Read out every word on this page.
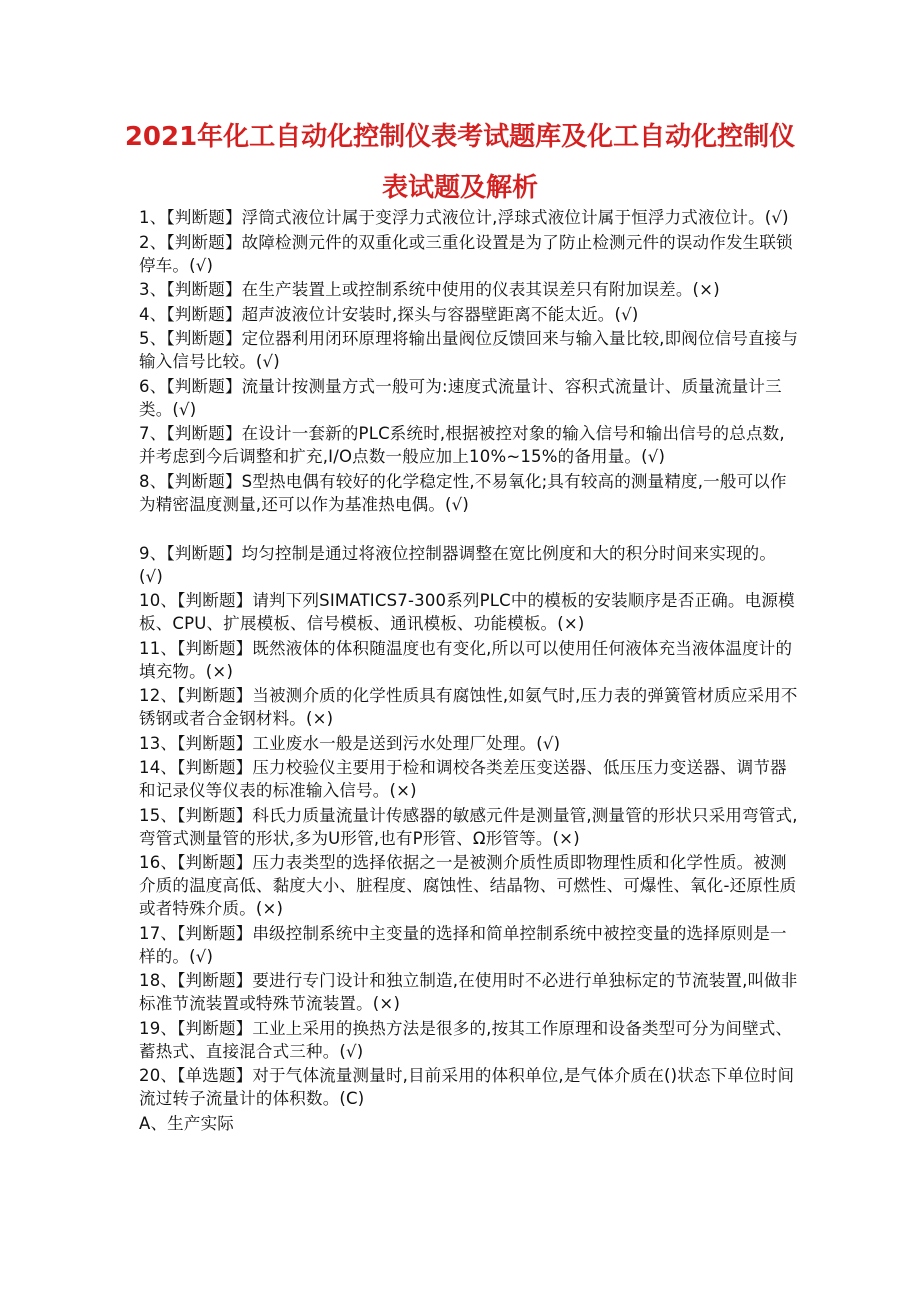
2021年化工自动化控制仪表考试题库及化工自动化控制仪
表试题及解析
1、【判断题】浮筒式液位计属于变浮力式液位计,浮球式液位计属于恒浮力式液位计。(√)
2、【判断题】故障检测元件的双重化或三重化设置是为了防止检测元件的误动作发生联锁停车。(√)
3、【判断题】在生产装置上或控制系统中使用的仪表其误差只有附加误差。(×)
4、【判断题】超声波液位计安装时,探头与容器壁距离不能太近。(√)
5、【判断题】定位器利用闭环原理将输出量阀位反馈回来与输入量比较,即阀位信号直接与输入信号比较。(√)
6、【判断题】流量计按测量方式一般可为:速度式流量计、容积式流量计、质量流量计三类。(√)
7、【判断题】在设计一套新的PLC系统时,根据被控对象的输入信号和输出信号的总点数,并考虑到今后调整和扩充,I/O点数一般应加上10%~15%的备用量。(√)
8、【判断题】S型热电偶有较好的化学稳定性,不易氧化;具有较高的测量精度,一般可以作为精密温度测量,还可以作为基准热电偶。(√)
9、【判断题】均匀控制是通过将液位控制器调整在宽比例度和大的积分时间来实现的。(√)
10、【判断题】请判下列SIMATICS7-300系列PLC中的模板的安装顺序是否正确。电源模板、CPU、扩展模板、信号模板、通讯模板、功能模板。(×)
11、【判断题】既然液体的体积随温度也有变化,所以可以使用任何液体充当液体温度计的填充物。(×)
12、【判断题】当被测介质的化学性质具有腐蚀性,如氨气时,压力表的弹簧管材质应采用不锈钢或者合金钢材料。(×)
13、【判断题】工业废水一般是送到污水处理厂处理。(√)
14、【判断题】压力校验仪主要用于检和调校各类差压变送器、低压压力变送器、调节器和记录仪等仪表的标准输入信号。(×)
15、【判断题】科氏力质量流量计传感器的敏感元件是测量管,测量管的形状只采用弯管式,弯管式测量管的形状,多为U形管,也有P形管、Ω形管等。(×)
16、【判断题】压力表类型的选择依据之一是被测介质性质即物理性质和化学性质。被测介质的温度高低、黏度大小、脏程度、腐蚀性、结晶物、可燃性、可爆性、氧化-还原性质或者特殊介质。(×)
17、【判断题】串级控制系统中主变量的选择和简单控制系统中被控变量的选择原则是一样的。(√)
18、【判断题】要进行专门设计和独立制造,在使用时不必进行单独标定的节流装置,叫做非标准节流装置或特殊节流装置。(×)
19、【判断题】工业上采用的换热方法是很多的,按其工作原理和设备类型可分为间壁式、蓄热式、直接混合式三种。(√)
20、【单选题】对于气体流量测量时,目前采用的体积单位,是气体介质在()状态下单位时间流过转子流量计的体积数。(C)
A、生产实际
